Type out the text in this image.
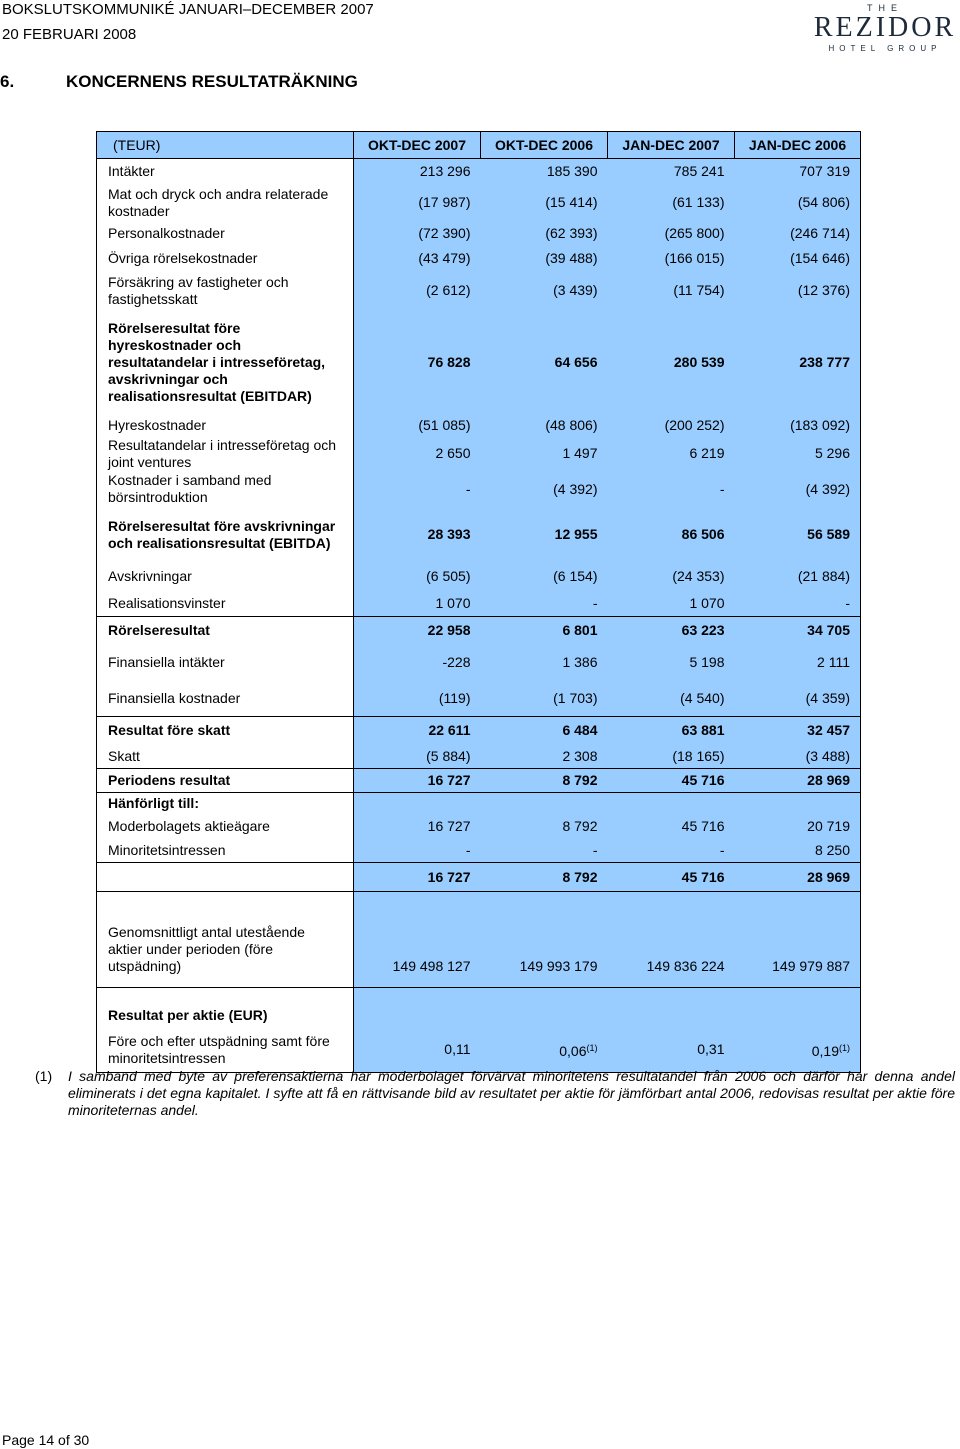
BOKSLUTSKOMMUNIKÉ JANUARI–DECEMBER 2007
20 FEBRUARI 2008
THE
REZIDOR
HOTEL GROUP
6.	KONCERNENS RESULTATRÄKNING
(TEUR)	OKT-DEC 2007	OKT-DEC 2006	JAN-DEC 2007	JAN-DEC 2006
Intäkter	213 296	185 390	785 241	707 319
Mat och dryck och andra relaterade kostnader	(17 987)	(15 414)	(61 133)	(54 806)
Personalkostnader	(72 390)	(62 393)	(265 800)	(246 714)
Övriga rörelsekostnader	(43 479)	(39 488)	(166 015)	(154 646)
Försäkring av fastigheter och fastighetsskatt	(2 612)	(3 439)	(11 754)	(12 376)
Rörelseresultat före hyreskostnader och resultatandelar i intresseföretag, avskrivningar och realisationsresultat (EBITDAR)	76 828	64 656	280 539	238 777
Hyreskostnader	(51 085)	(48 806)	(200 252)	(183 092)
Resultatandelar i intresseföretag och joint ventures	2 650	1 497	6 219	5 296
Kostnader i samband med börsintroduktion	-	(4 392)	-	(4 392)
Rörelseresultat före avskrivningar och realisationsresultat (EBITDA)	28 393	12 955	86 506	56 589
Avskrivningar	(6 505)	(6 154)	(24 353)	(21 884)
Realisationsvinster	1 070	-	1 070	-
Rörelseresultat	22 958	6 801	63 223	34 705
Finansiella intäkter	-228	1 386	5 198	2 111
Finansiella kostnader	(119)	(1 703)	(4 540)	(4 359)
Resultat före skatt	22 611	6 484	63 881	32 457
Skatt	(5 884)	2 308	(18 165)	(3 488)
Periodens resultat	16 727	8 792	45 716	28 969
Hänförligt till:				
Moderbolagets aktieägare	16 727	8 792	45 716	20 719
Minoritetsintressen	-	-	-	8 250
	16 727	8 792	45 716	28 969
Genomsnittligt antal utestående aktier under perioden (före utspädning)	149 498 127	149 993 179	149 836 224	149 979 887
Resultat per aktie (EUR)				
Före och efter utspädning samt före minoritetsintressen	0,11	0,06$^{(1)}$	0,31	0,19$^{(1)}$
(1) I samband med byte av preferensaktierna har moderbolaget förvärvat minoritetens resultatandel från 2006 och därför har denna andel eliminerats i det egna kapitalet. I syfte att få en rättvisande bild av resultatet per aktie för jämförbart antal 2006, redovisas resultat per aktie före minoriteternas andel.
Page 14 of 30
